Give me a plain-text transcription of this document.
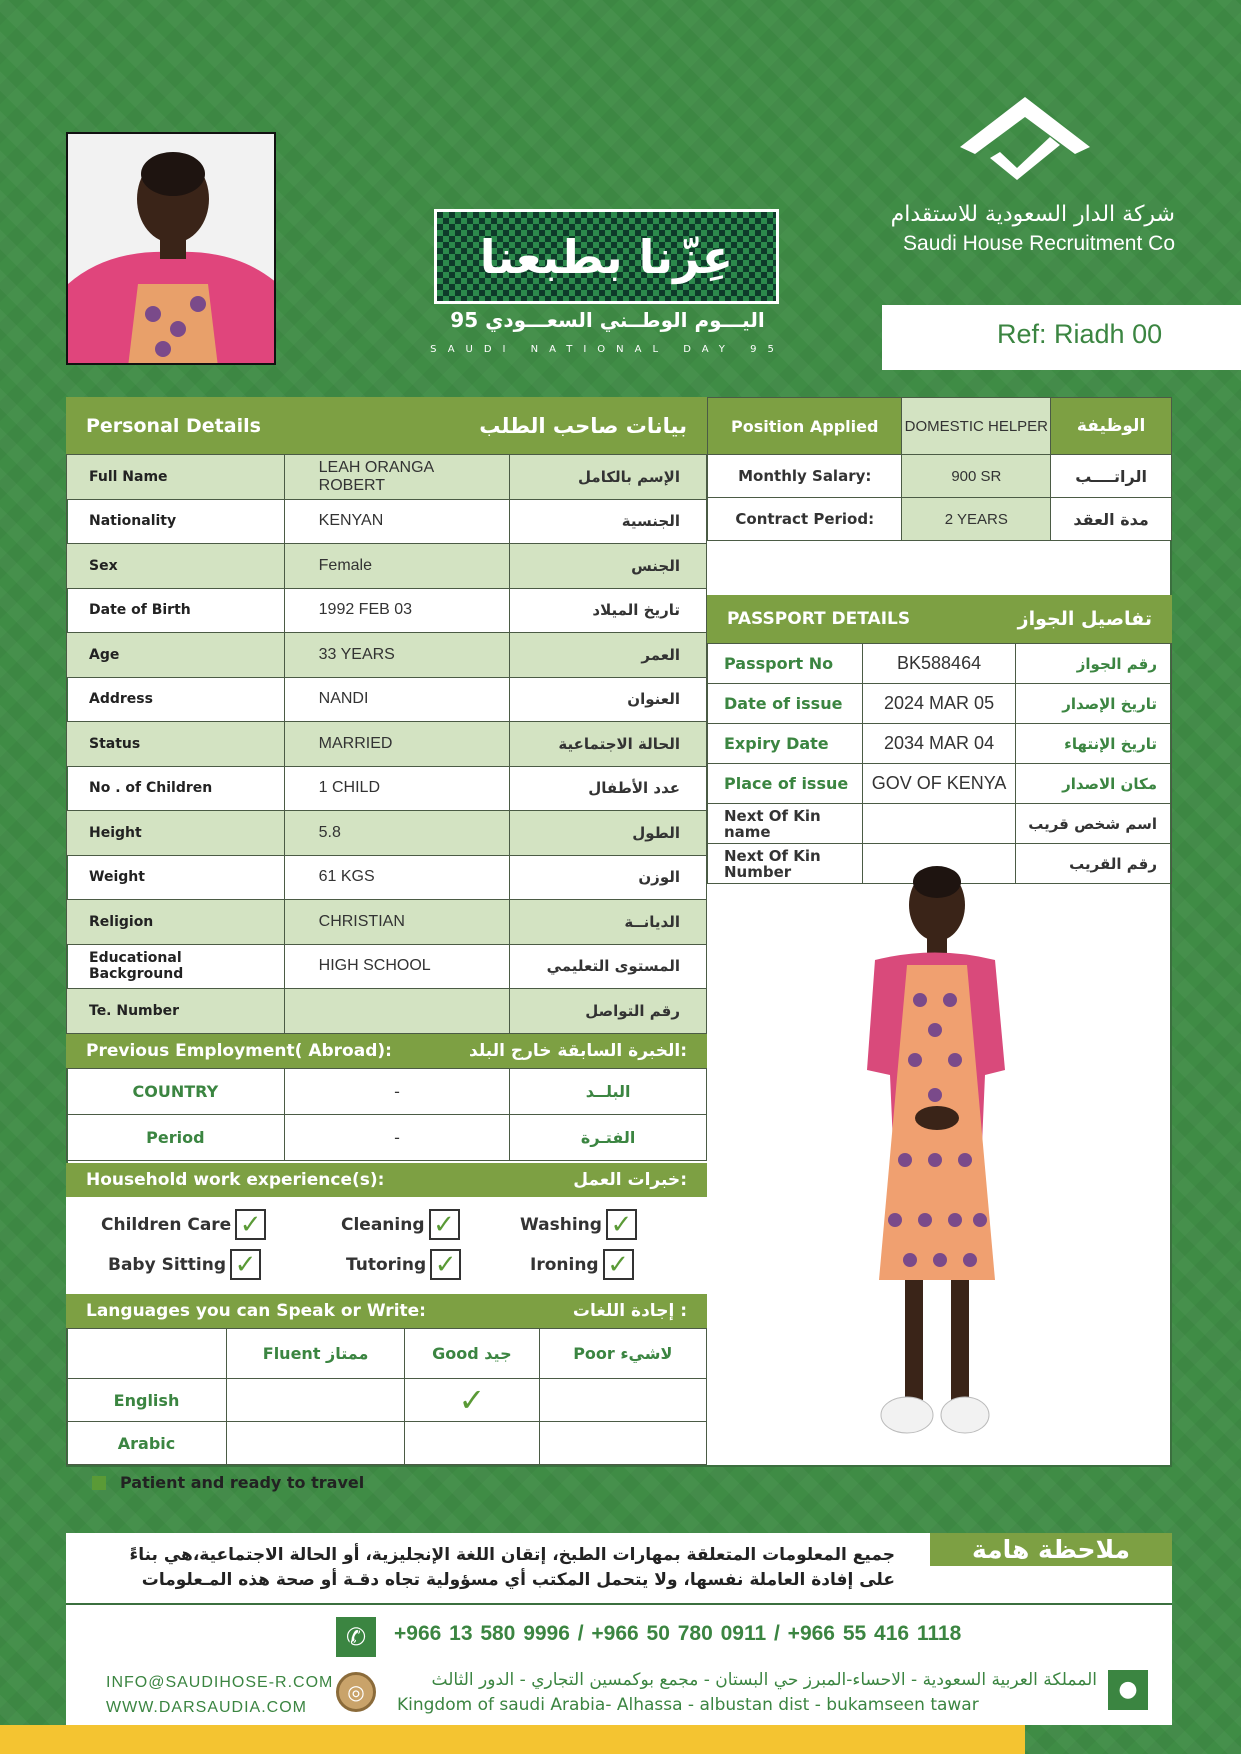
عِزّنا بطبعنا
اليـــوم الوطــني السعـــودي 95
SAUDI NATIONAL DAY 95
شركة الدار السعودية للاستقدام
Saudi House Recruitment Co
Ref: Riadh 00
Personal Details	بيانات صاحب الطلب
Full Name	LEAH ORANGA ROBERT	الإسم بالكامل
Nationality	KENYAN	الجنسية
Sex	Female	الجنس
Date of Birth	1992 FEB 03	تاريخ الميلاد
Age	33 YEARS	العمر
Address	NANDI	العنوان
Status	MARRIED	الحالة الاجتماعية
No . of Children	1 CHILD	عدد الأطفال
Height	5.8	الطول
Weight	61 KGS	الوزن
Religion	CHRISTIAN	الديانــة
Educational Background	HIGH SCHOOL	المستوى التعليمي
Te. Number		رقم التواصل
Position Applied	DOMESTIC HELPER	الوظيفة
Monthly Salary:	900 SR	الراتــــب
Contract Period:	2 YEARS	مدة العقد
PASSPORT DETAILS	تفاصيل الجواز
Passport No	BK588464	رقم الجواز
Date of issue	2024 MAR 05	تاريخ الإصدار
Expiry Date	2034 MAR 04	تاريخ الإنتهاء
Place of issue	GOV OF KENYA	مكان الاصدار
Next Of Kin name		اسم شخص قريب
Next Of Kin Number		رقم القريب
Previous Employment( Abroad):	الخبرة السابقة خارج البلد:
COUNTRY	-	البلــد
Period	-	الفتـرة
Household work experience(s):	خبرات العمل:
Children Care ✓	Cleaning ✓	Washing ✓
Baby Sitting ✓	Tutoring ✓	Ironing ✓
Languages you can Speak or Write:	إجادة اللغات :
	Fluent ممتاز	Good جيد	Poor لاشيء
English		✓	
Arabic			
Patient and ready to travel
ملاحظة هامة
جميع المعلومات المتعلقة بمهارات الطبخ، إتقان اللغة الإنجليزية، أو الحالة الاجتماعية،هي بناءً
على إفادة العاملة نفسها، ولا يتحمل المكتب أي مسؤولية تجاه دقـة أو صحة هذه المـعلومات
✆	+966 13 580 9996 / +966 50 780 0911 / +966 55 416 1118
INFO@SAUDIHOSE-R.COM
WWW.DARSAUDIA.COM
◎	المملكة العربية السعودية - الاحساء-المبرز حي البستان - مجمع بوكمسين التجاري - الدور الثالث
Kingdom of saudi Arabia- Alhassa - albustan dist - bukamseen tawar
●
